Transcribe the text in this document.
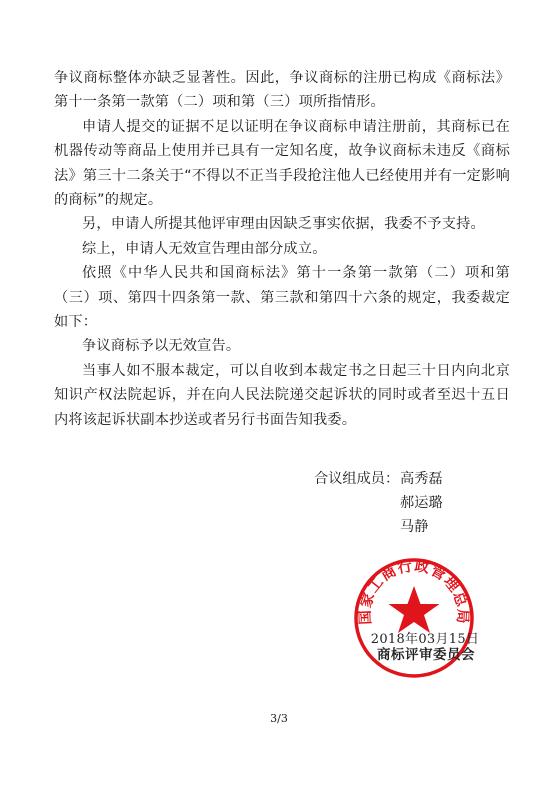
争议商标整体亦缺乏显著性。因此，争议商标的注册已构成《商标法》第十一条第一款第（二）项和第（三）项所指情形。

申请人提交的证据不足以证明在争议商标申请注册前，其商标已在机器传动等商品上使用并已具有一定知名度，故争议商标未违反《商标法》第三十二条关于“不得以不正当手段抢注他人已经使用并有一定影响的商标”的规定。

另，申请人所提其他评审理由因缺乏事实依据，我委不予支持。

综上，申请人无效宣告理由部分成立。

依照《中华人民共和国商标法》第十一条第一款第（二）项和第（三）项、第四十四条第一款、第三款和第四十六条的规定，我委裁定如下：

争议商标予以无效宣告。

当事人如不服本裁定，可以自收到本裁定书之日起三十日内向北京知识产权法院起诉，并在向人民法院递交起诉状的同时或者至迟十五日内将该起诉状副本抄送或者另行书面告知我委。

合议组成员： 高秀磊
郝运璐
马静
国家工商行政管理总局
2018年03月15日
商标评审委员会
3/3
